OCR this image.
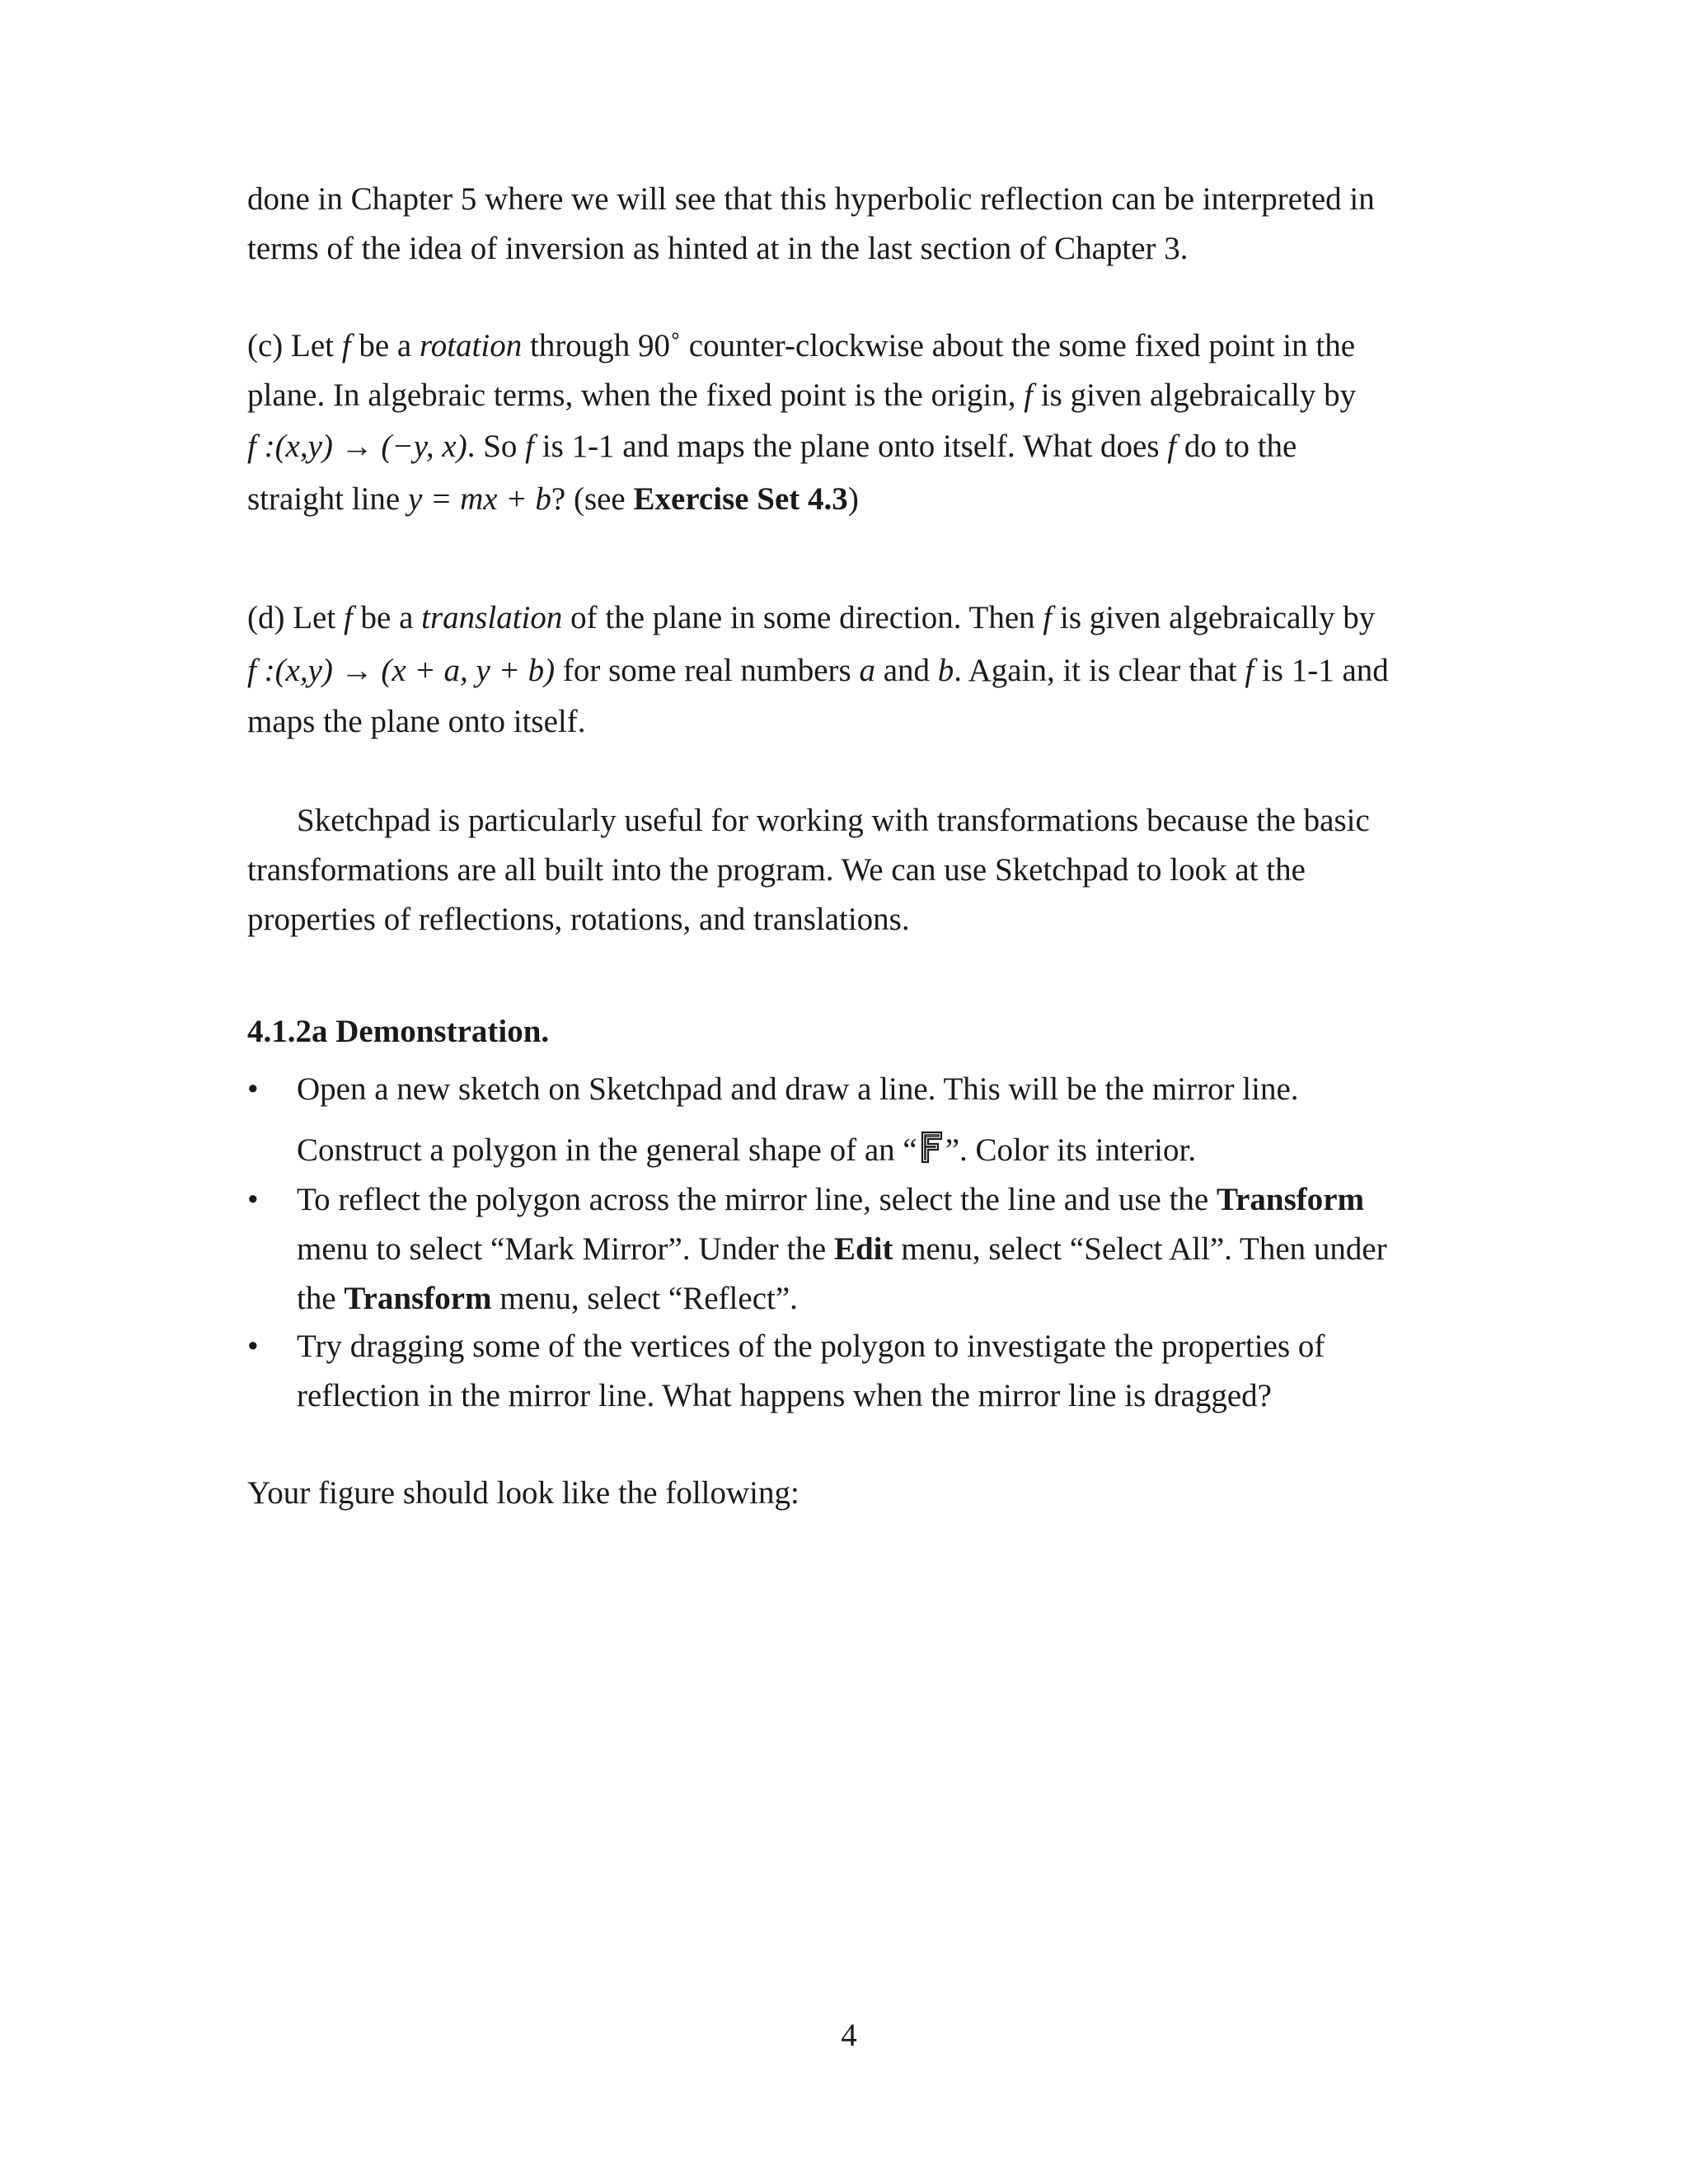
done in Chapter 5 where we will see that this hyperbolic reflection can be interpreted in
terms of the idea of inversion as hinted at in the last section of Chapter 3.
(c) Let f be a rotation through 90˚ counter-clockwise about the some fixed point in the
plane. In algebraic terms, when the fixed point is the origin, f is given algebraically by
f :(x,y) → (−y, x). So f is 1-1 and maps the plane onto itself. What does f do to the
straight line y = mx + b? (see Exercise Set 4.3)
(d) Let f be a translation of the plane in some direction. Then f is given algebraically by
f :(x,y) → (x + a, y + b) for some real numbers a and b. Again, it is clear that f is 1-1 and
maps the plane onto itself.
Sketchpad is particularly useful for working with transformations because the basic
transformations are all built into the program. We can use Sketchpad to look at the
properties of reflections, rotations, and translations.
4.1.2a Demonstration.
• Open a new sketch on Sketchpad and draw a line. This will be the mirror line.
Construct a polygon in the general shape of an “ ”. Color its interior.
• To reflect the polygon across the mirror line, select the line and use the Transform
menu to select “Mark Mirror”. Under the Edit menu, select “Select All”. Then under
the Transform menu, select “Reflect”.
• Try dragging some of the vertices of the polygon to investigate the properties of
reflection in the mirror line. What happens when the mirror line is dragged?
Your figure should look like the following:
4
